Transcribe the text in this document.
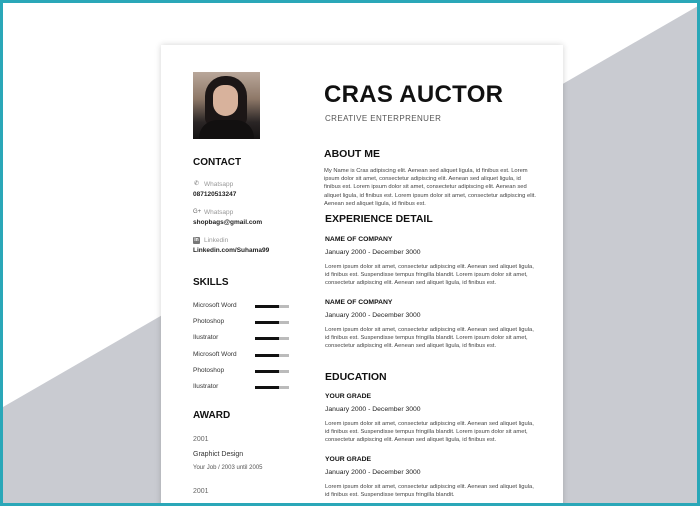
CRAS AUCTOR
CREATIVE ENTERPRENUER
CONTACT
✆ Whatsapp
087120513247
G+ Whatsapp
shopbags@gmail.com
in Linkedin
Linkedin.com/Suhama99
SKILLS
Microsoft Word
Photoshop
Ilustrator
Microsoft Word
Photoshop
Ilustrator
AWARD
2001
Graphict Design
Your Job / 2003 until 2005
2001
ABOUT ME
My Name is Cras adipiscing elit. Aenean sed aliquet ligula, id finibus est. Lorem ipsum dolor sit amet, consectetur adipiscing elit. Aenean sed aliquet ligula, id finibus est. Lorem ipsum dolor sit amet, consectetur adipiscing elit. Aenean sed aliquet ligula, id finibus est. Lorem ipsum dolor sit amet, consectetur adipiscing elit. Aenean sed aliquet ligula, id finibus est.
EXPERIENCE DETAIL
NAME OF COMPANY
January 2000 - December 3000
Lorem ipsum dolor sit amet, consectetur adipiscing elit. Aenean sed aliquet ligula, id finibus est. Suspendisse tempus fringilla blandit. Lorem ipsum dolor sit amet, consectetur adipiscing elit. Aenean sed aliquet ligula, id finibus est.
NAME OF COMPANY
January 2000 - December 3000
Lorem ipsum dolor sit amet, consectetur adipiscing elit. Aenean sed aliquet ligula, id finibus est. Suspendisse tempus fringilla blandit. Lorem ipsum dolor sit amet, consectetur adipiscing elit. Aenean sed aliquet ligula, id finibus est.
EDUCATION
YOUR GRADE
January 2000 - December 3000
Lorem ipsum dolor sit amet, consectetur adipiscing elit. Aenean sed aliquet ligula, id finibus est. Suspendisse tempus fringilla blandit. Lorem ipsum dolor sit amet, consectetur adipiscing elit. Aenean sed aliquet ligula, id finibus est.
YOUR GRADE
January 2000 - December 3000
Lorem ipsum dolor sit amet, consectetur adipiscing elit. Aenean sed aliquet ligula, id finibus est. Suspendisse tempus fringilla blandit.
